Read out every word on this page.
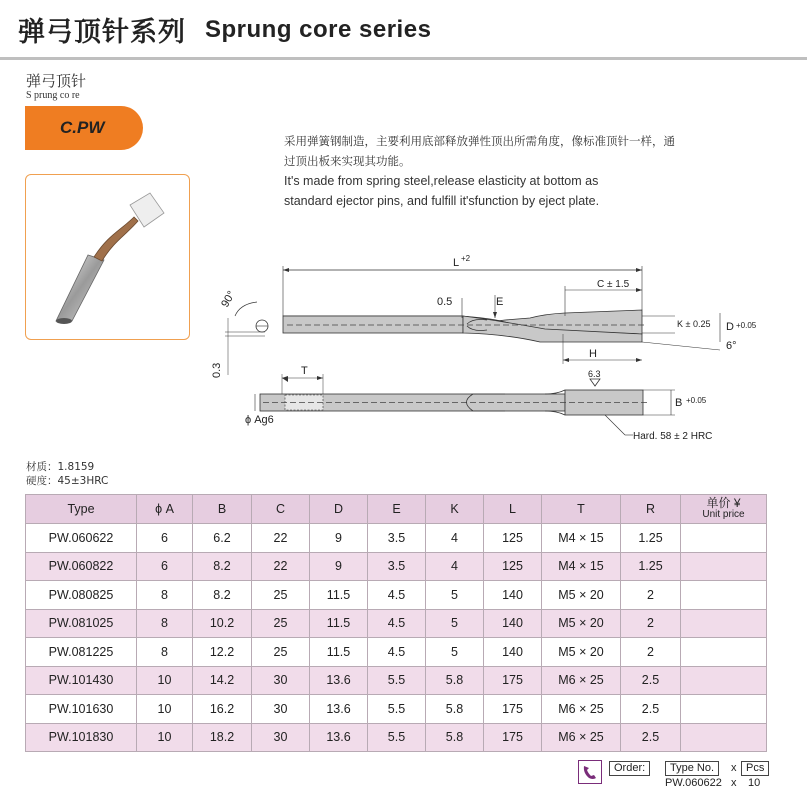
弹弓顶针系列 Sprung core series
弹弓顶针
S prung co re
C.PW
采用弹簧钢制造，主要利用底部释放弹性顶出所需角度，像标准顶针一样，通
过顶出板来实现其功能。
It's made from spring steel,release elasticity at bottom as
standard ejector pins, and fulfill it'sfunction by eject plate.
L +2
90°
0.3
0.5	E
C ± 1.5
K ± 0.25 D +0.05
6°
H
T	6.3
B +0.05
ϕ Ag6
Hard. 58 ± 2 HRC
材质：1.8159
硬度：45±3HRC
Type	ϕ A	B	C	D	E	K	L	T	R	单价 ¥
Unit price

PW.060622	6	6.2	22	9	3.5	4	125	M4 × 15	1.25	
PW.060822	6	8.2	22	9	3.5	4	125	M4 × 15	1.25	
PW.080825	8	8.2	25	11.5	4.5	5	140	M5 × 20	2	
PW.081025	8	10.2	25	11.5	4.5	5	140	M5 × 20	2	
PW.081225	8	12.2	25	11.5	4.5	5	140	M5 × 20	2	
PW.101430	10	14.2	30	13.6	5.5	5.8	175	M6 × 25	2.5	
PW.101630	10	16.2	30	13.6	5.5	5.8	175	M6 × 25	2.5	
PW.101830	10	18.2	30	13.6	5.5	5.8	175	M6 × 25	2.5	
Order:	Type No.	x Pcs
PW.060622 x 10
